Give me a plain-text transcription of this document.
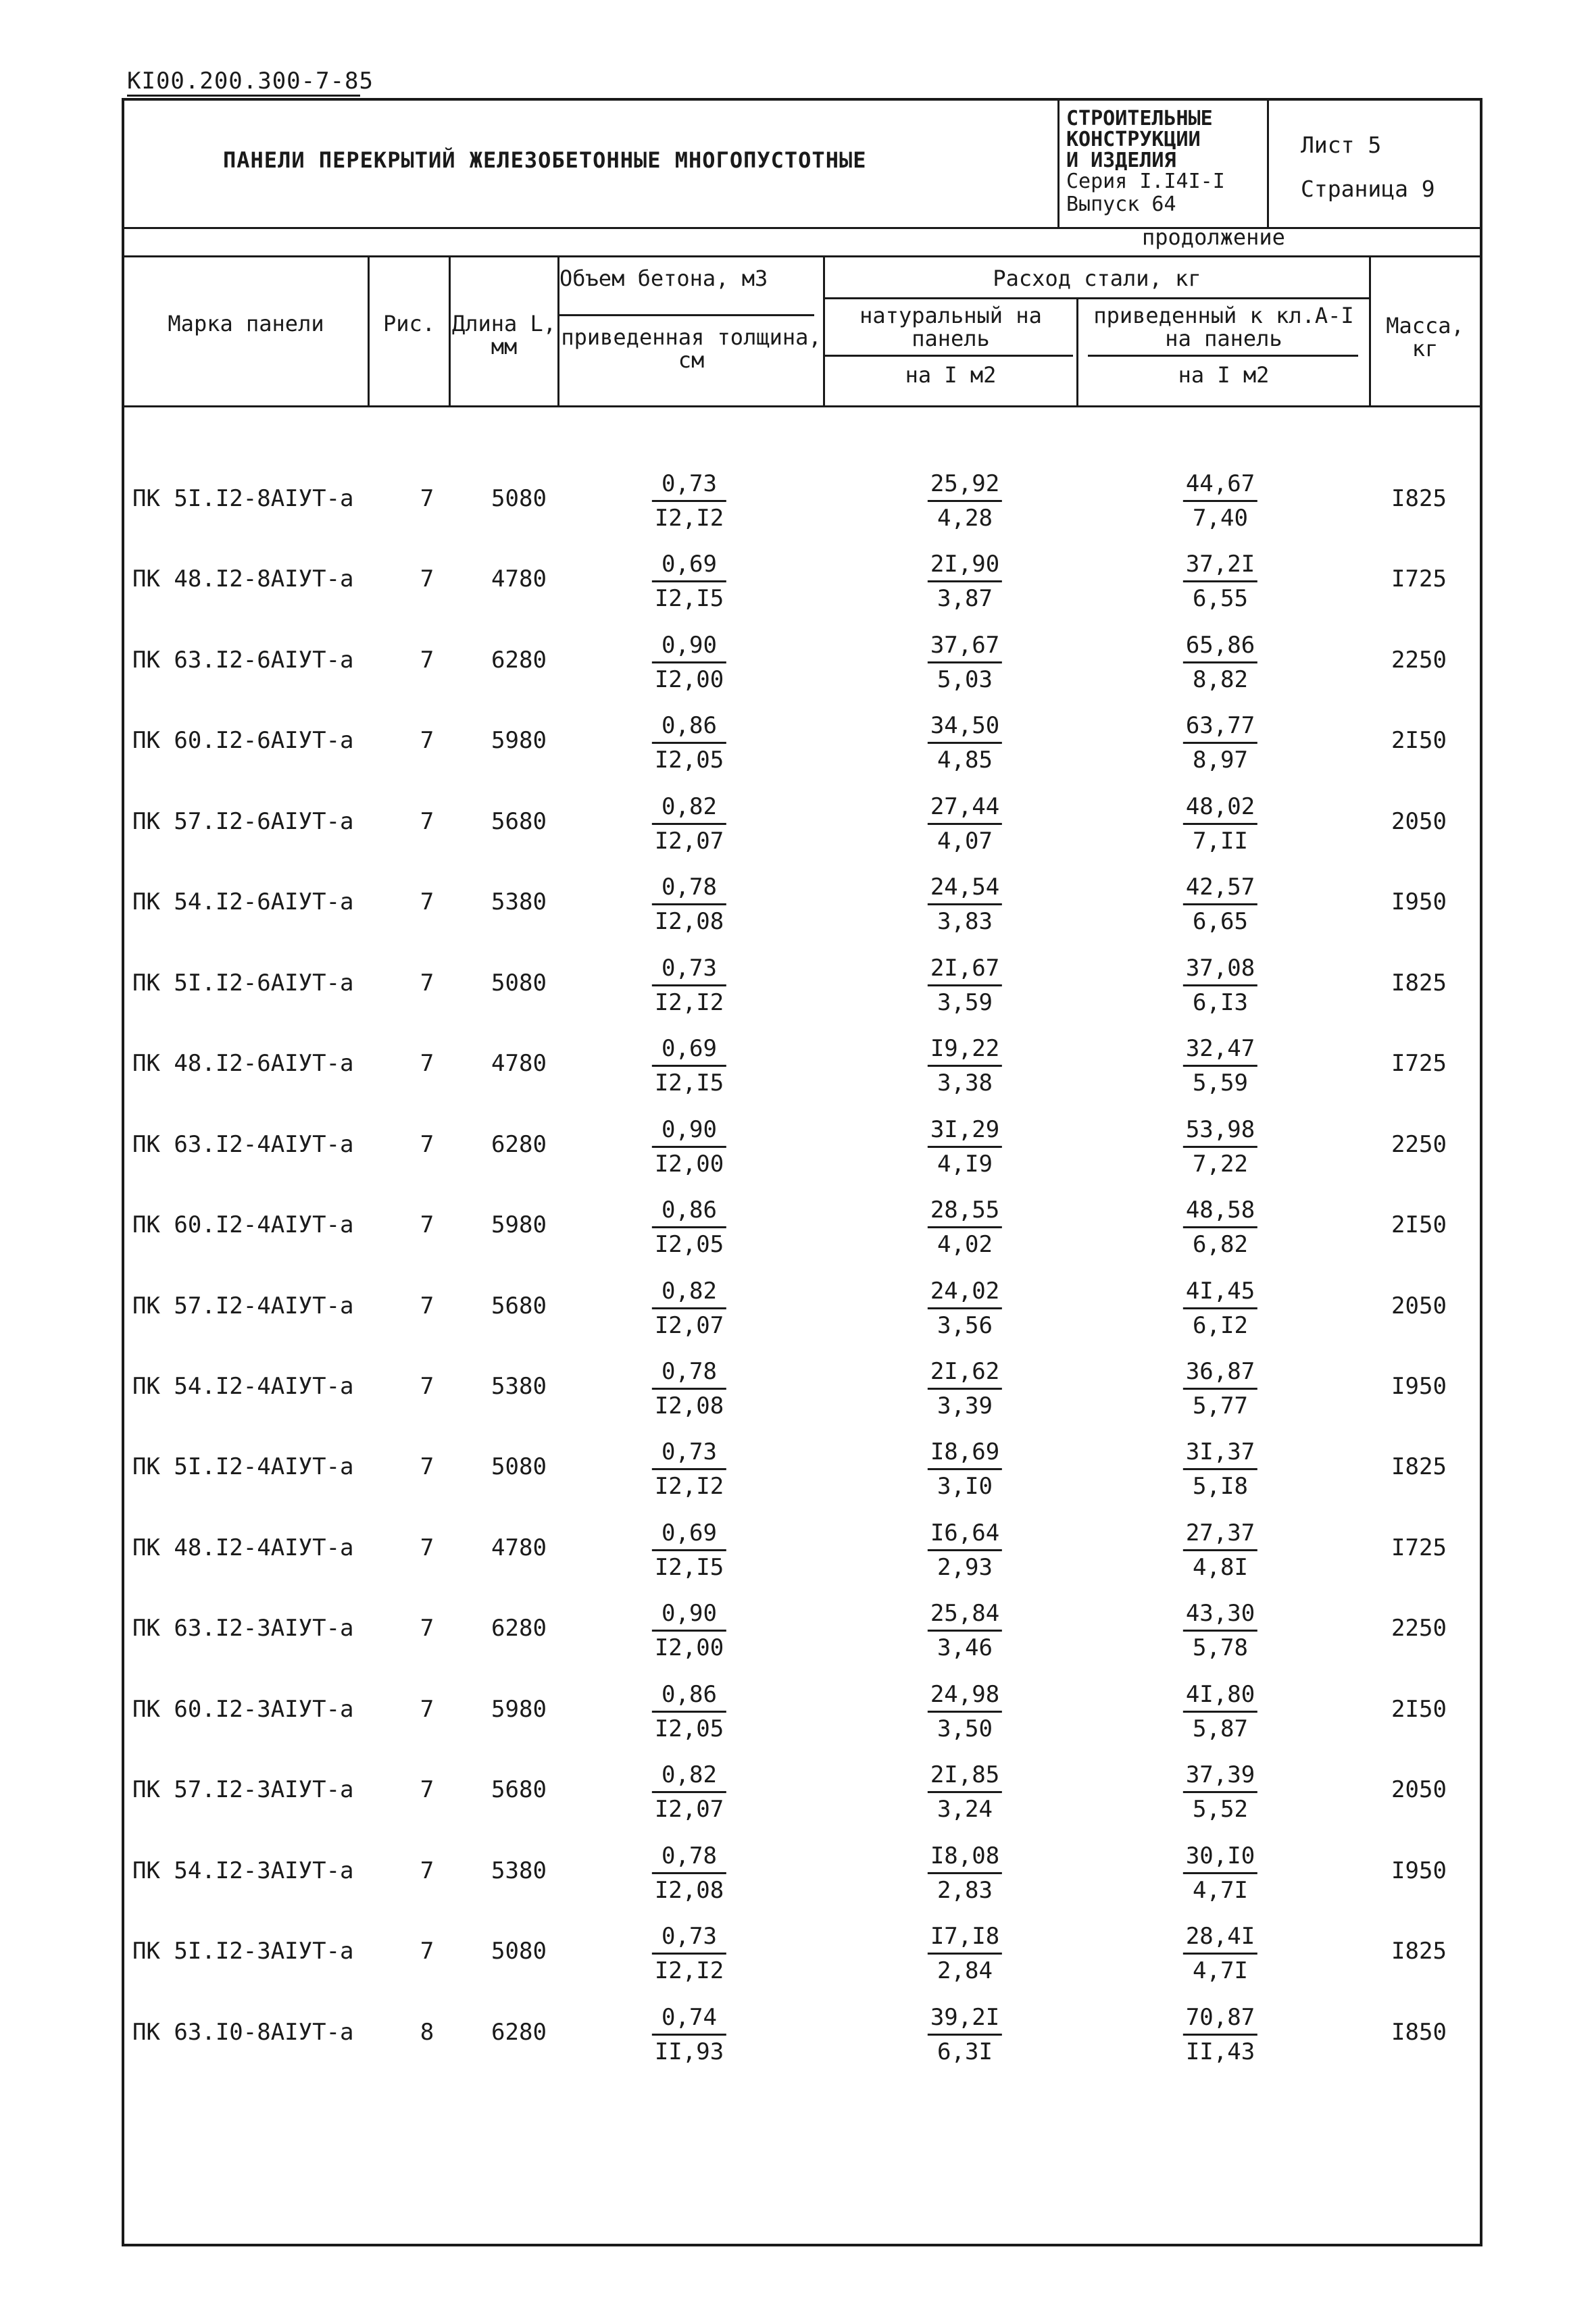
KI00.200.300-7-85
ПАНЕЛИ ПЕРЕКРЫТИЙ ЖЕЛЕЗОБЕТОННЫЕ МНОГОПУСТОТНЫЕ
СТРОИТЕЛЬНЫЕ
КОНСТРУКЦИИ
И ИЗДЕЛИЯ
Серия I.I4I-I
Выпуск 64
Лист 5
Страница 9
продолжение
Марка панели	Рис. Длина L, мм
Объем бетона, м3
приведенная толщина, см
Расход стали, кг
натуральный на панель
приведенный к кл.А-I на панель
на I м2	на I м2
Масса, кг
ПК 5I.I2-8АIУТ-а	7 5080	$\frac{0,73}{I2,I2}$	$\frac{25,92}{4,28}$	$\frac{44,67}{7,40}$	I825
ПК 48.I2-8АIУТ-а	7 4780	$\frac{0,69}{I2,I5}$	$\frac{2I,90}{3,87}$	$\frac{37,2I}{6,55}$	I725
ПК 63.I2-6АIУТ-а	7 6280	$\frac{0,90}{I2,00}$	$\frac{37,67}{5,03}$	$\frac{65,86}{8,82}$	2250
ПК 60.I2-6АIУТ-а	7 5980	$\frac{0,86}{I2,05}$	$\frac{34,50}{4,85}$	$\frac{63,77}{8,97}$	2I50
ПК 57.I2-6АIУТ-а	7 5680	$\frac{0,82}{I2,07}$	$\frac{27,44}{4,07}$	$\frac{48,02}{7,II}$	2050
ПК 54.I2-6АIУТ-а	7 5380	$\frac{0,78}{I2,08}$	$\frac{24,54}{3,83}$	$\frac{42,57}{6,65}$	I950
ПК 5I.I2-6АIУТ-а	7 5080	$\frac{0,73}{I2,I2}$	$\frac{2I,67}{3,59}$	$\frac{37,08}{6,I3}$	I825
ПК 48.I2-6АIУТ-а	7 4780	$\frac{0,69}{I2,I5}$	$\frac{I9,22}{3,38}$	$\frac{32,47}{5,59}$	I725
ПК 63.I2-4АIУТ-а	7 6280	$\frac{0,90}{I2,00}$	$\frac{3I,29}{4,I9}$	$\frac{53,98}{7,22}$	2250
ПК 60.I2-4АIУТ-а	7 5980	$\frac{0,86}{I2,05}$	$\frac{28,55}{4,02}$	$\frac{48,58}{6,82}$	2I50
ПК 57.I2-4АIУТ-а	7 5680	$\frac{0,82}{I2,07}$	$\frac{24,02}{3,56}$	$\frac{4I,45}{6,I2}$	2050
ПК 54.I2-4АIУТ-а	7 5380	$\frac{0,78}{I2,08}$	$\frac{2I,62}{3,39}$	$\frac{36,87}{5,77}$	I950
ПК 5I.I2-4АIУТ-а	7 5080	$\frac{0,73}{I2,I2}$	$\frac{I8,69}{3,I0}$	$\frac{3I,37}{5,I8}$	I825
ПК 48.I2-4АIУТ-а	7 4780	$\frac{0,69}{I2,I5}$	$\frac{I6,64}{2,93}$	$\frac{27,37}{4,8I}$	I725
ПК 63.I2-3АIУТ-а	7 6280	$\frac{0,90}{I2,00}$	$\frac{25,84}{3,46}$	$\frac{43,30}{5,78}$	2250
ПК 60.I2-3АIУТ-а	7 5980	$\frac{0,86}{I2,05}$	$\frac{24,98}{3,50}$	$\frac{4I,80}{5,87}$	2I50
ПК 57.I2-3АIУТ-а	7 5680	$\frac{0,82}{I2,07}$	$\frac{2I,85}{3,24}$	$\frac{37,39}{5,52}$	2050
ПК 54.I2-3АIУТ-а	7 5380	$\frac{0,78}{I2,08}$	$\frac{I8,08}{2,83}$	$\frac{30,I0}{4,7I}$	I950
ПК 5I.I2-3АIУТ-а	7 5080	$\frac{0,73}{I2,I2}$	$\frac{I7,I8}{2,84}$	$\frac{28,4I}{4,7I}$	I825
ПК 63.I0-8АIУТ-а	8 6280	$\frac{0,74}{II,93}$	$\frac{39,2I}{6,3I}$	$\frac{70,87}{II,43}$	I850
